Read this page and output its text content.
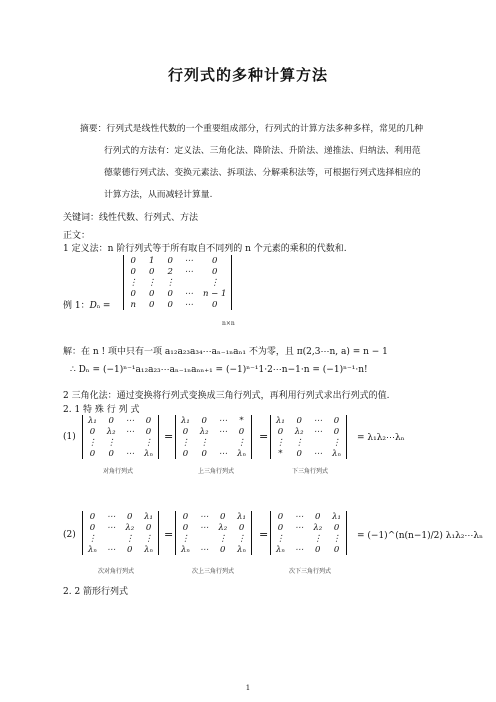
行列式的多种计算方法
摘要：行列式是线性代数的一个重要组成部分，行列式的计算方法多种多样，常见的几种
行列式的方法有：定义法、三角化法、降阶法、升阶法、递推法、归纳法、利用范
德蒙德行列式法、变换元素法、拆项法、分解乘积法等，可根据行列式选择相应的
计算方法，从而减轻计算量.
关键词：线性代数、行列式、方法
正文：
1 定义法：n 阶行列式等于所有取自不同列的 n 个元素的乘积的代数和.
例 1：Dn =
0	1	0	⋯	0
0	0	2	⋯	0
⋮	⋮	⋮		⋮
0	0	0	⋯	n − 1
n	0	0	⋯	0
n×n
解：在 n ! 项中只有一项 a₁₂a₂₃a₃₄⋯aₙ₋₁ₙaₙ₁ 不为零，且 π(2,3⋯n, a) = n − 1
∴ Dₙ = (−1)ⁿ⁻¹a₁₂a₂₃⋯aₙ₋₁ₙaₙₙ₊₁ = (−1)ⁿ⁻¹1·2⋯n−1·n = (−1)ⁿ⁻¹·n!
2 三角化法：通过变换将行列式变换成三角行列式，再利用行列式求出行列式的值.
2. 1 特 殊 行 列 式
(1)
λ₁	0	⋯	0
0	λ₂	⋯	0
⋮	⋮		⋮
0	0	⋯	λₙ
对角行列式
=
λ₁	0	⋯	*
0	λ₂	⋯	0
⋮	⋮		⋮
0	0	⋯	λₙ
上三角行列式
=
λ₁	0	⋯	0
0	λ₂	⋯	0
⋮	⋮		⋮
*	0	⋯	λₙ
下三角行列式
= λ₁λ₂⋯λₙ
(2)
0	⋯	0	λ₁
0	⋯	λ₂	0
⋮		⋮	⋮
λₙ	⋯	0	λₙ
次对角行列式
=
0	⋯	0	λ₁
0	⋯	λ₂	0
⋮		⋮	⋮
λₙ	⋯	0	λₙ
次上三角行列式
=
0	⋯	0	λ₁
0	⋯	λ₂	0
⋮		⋮	⋮
λₙ	⋯	0	0
次下三角行列式
= (−1)^(n(n−1)/2) λ₁λ₂⋯λₙ
2. 2 箭形行列式
1
